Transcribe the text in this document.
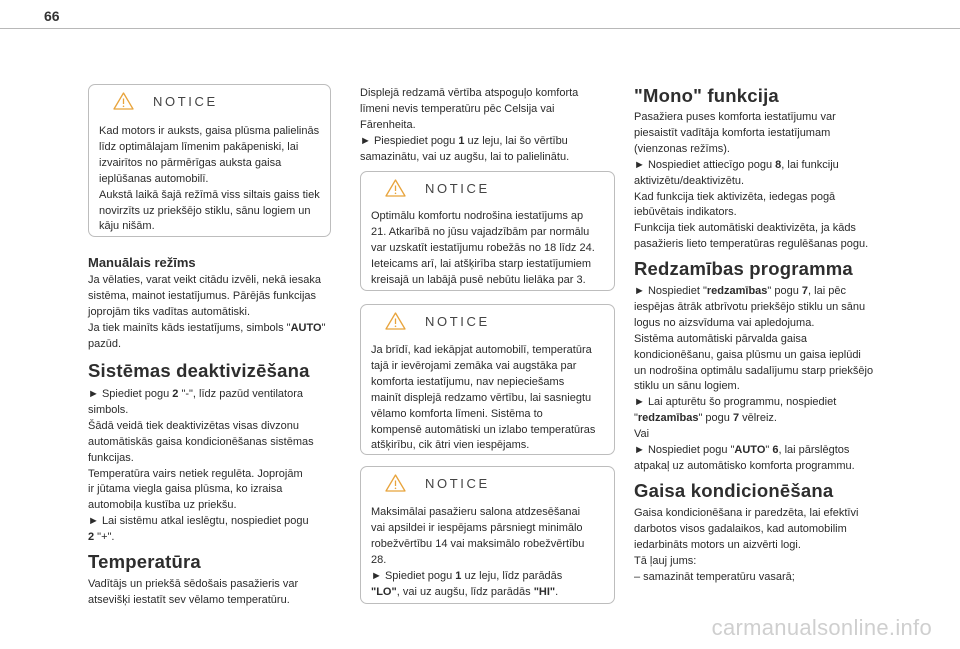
66
NOTICE
Kad motors ir auksts, gaisa plūsma palielinās
līdz optimālajam līmenim pakāpeniski, lai
izvairītos no pārmērīgas auksta gaisa
ieplūšanas automobilī.
Aukstā laikā šajā režīmā viss siltais gaiss tiek
novirzīts uz priekšējo stiklu, sānu logiem un
kāju nišām.
Manuālais režīms
Ja vēlaties, varat veikt citādu izvēli, nekā iesaka
sistēma, mainot iestatījumus. Pārējās funkcijas
joprojām tiks vadītas automātiski.
Ja tiek mainīts kāds iestatījums, simbols "AUTO"
pazūd.
Sistēmas deaktivizēšana
► Spiediet pogu 2 "-", līdz pazūd ventilatora
simbols.
Šādā veidā tiek deaktivizētas visas divzonu
automātiskās gaisa kondicionēšanas sistēmas
funkcijas.
Temperatūra vairs netiek regulēta. Joprojām
ir jūtama viegla gaisa plūsma, ko izraisa
automobiļa kustība uz priekšu.
► Lai sistēmu atkal ieslēgtu, nospiediet pogu
2 "+".
Temperatūra
Vadītājs un priekšā sēdošais pasažieris var
atsevišķi iestatīt sev vēlamo temperatūru.
Displejā redzamā vērtība atspoguļo komforta
līmeni nevis temperatūru pēc Celsija vai
Fārenheita.
► Piespiediet pogu 1 uz leju, lai šo vērtību
samazinātu, vai uz augšu, lai to palielinātu.
NOTICE
Optimālu komfortu nodrošina iestatījums ap
21. Atkarībā no jūsu vajadzībām par normālu
var uzskatīt iestatījumu robežās no 18 līdz 24.
Ieteicams arī, lai atšķirība starp iestatījumiem
kreisajā un labājā pusē nebūtu lielāka par 3.
NOTICE
Ja brīdī, kad iekāpjat automobilī, temperatūra
tajā ir ievērojami zemāka vai augstāka par
komforta iestatījumu, nav nepieciešams
mainīt displejā redzamo vērtību, lai sasniegtu
vēlamo komforta līmeni. Sistēma to
kompensē automātiski un izlabo temperatūras
atšķirību, cik ātri vien iespējams.
NOTICE
Maksimālai pasažieru salona atdzesēšanai
vai apsildei ir iespējams pārsniegt minimālo
robežvērtību 14 vai maksimālo robežvērtību
28.
► Spiediet pogu 1 uz leju, līdz parādās
"LO", vai uz augšu, līdz parādās "HI".
"Mono" funkcija
Pasažiera puses komforta iestatījumu var
piesaistīt vadītāja komforta iestatījumam
(vienzonas režīms).
► Nospiediet attiecīgo pogu 8, lai funkciju
aktivizētu/deaktivizētu.
Kad funkcija tiek aktivizēta, iedegas pogā
iebūvētais indikators.
Funkcija tiek automātiski deaktivizēta, ja kāds
pasažieris lieto temperatūras regulēšanas pogu.
Redzamības programma
► Nospiediet "redzamības" pogu 7, lai pēc
iespējas ātrāk atbrīvotu priekšējo stiklu un sānu
logus no aizsvīduma vai apledojuma.
Sistēma automātiski pārvalda gaisa
kondicionēšanu, gaisa plūsmu un gaisa ieplūdi
un nodrošina optimālu sadalījumu starp priekšējo
stiklu un sānu logiem.
► Lai apturētu šo programmu, nospiediet
"redzamības" pogu 7 vēlreiz.
Vai
► Nospiediet pogu "AUTO" 6, lai pārslēgtos
atpakaļ uz automātisko komforta programmu.
Gaisa kondicionēšana
Gaisa kondicionēšana ir paredzēta, lai efektīvi
darbotos visos gadalaikos, kad automobilim
iedarbināts motors un aizvērti logi.
Tā ļauj jums:
– samazināt temperatūru vasarā;
carmanualsonline.info
